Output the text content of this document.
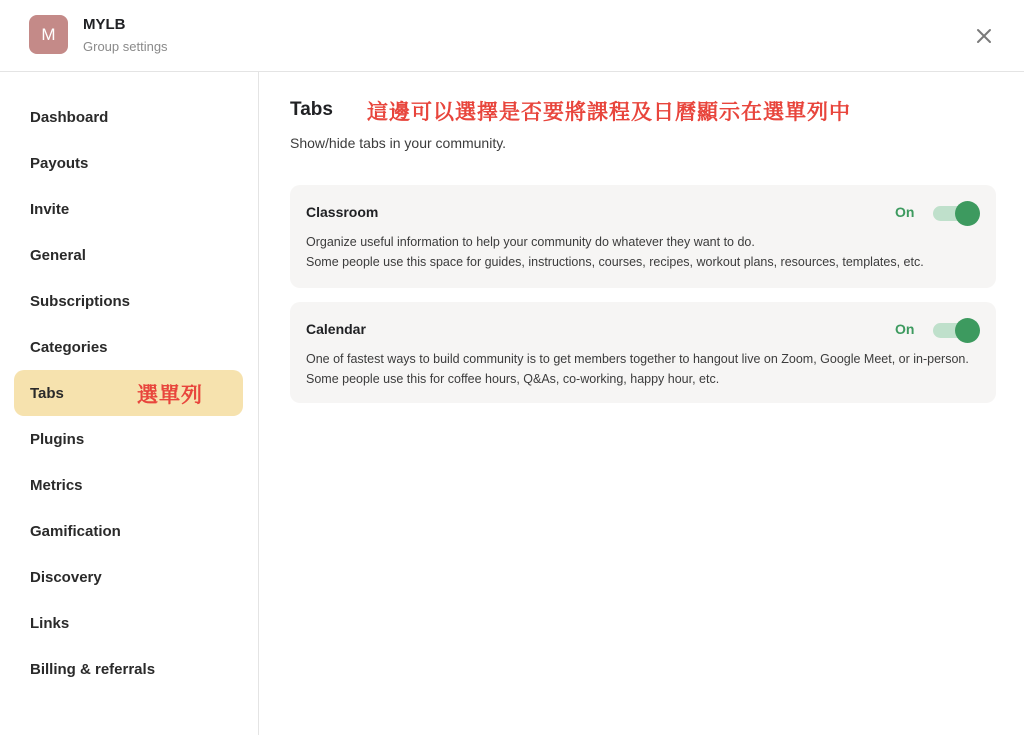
M	MYLB
Group settings
Dashboard
Payouts
Invite
General
Subscriptions
Categories
Tabs	選單列
Plugins
Metrics
Gamification
Discovery
Links
Billing & referrals
Tabs 這邊可以選擇是否要將課程及日曆顯示在選單列中
Show/hide tabs in your community.
Classroom	On
Organize useful information to help your community do whatever they want to do.
Some people use this space for guides, instructions, courses, recipes, workout plans, resources, templates, etc.
Calendar	On
One of fastest ways to build community is to get members together to hangout live on Zoom, Google Meet, or in-person. Some people use this for coffee hours, Q&As, co-working, happy hour, etc.
